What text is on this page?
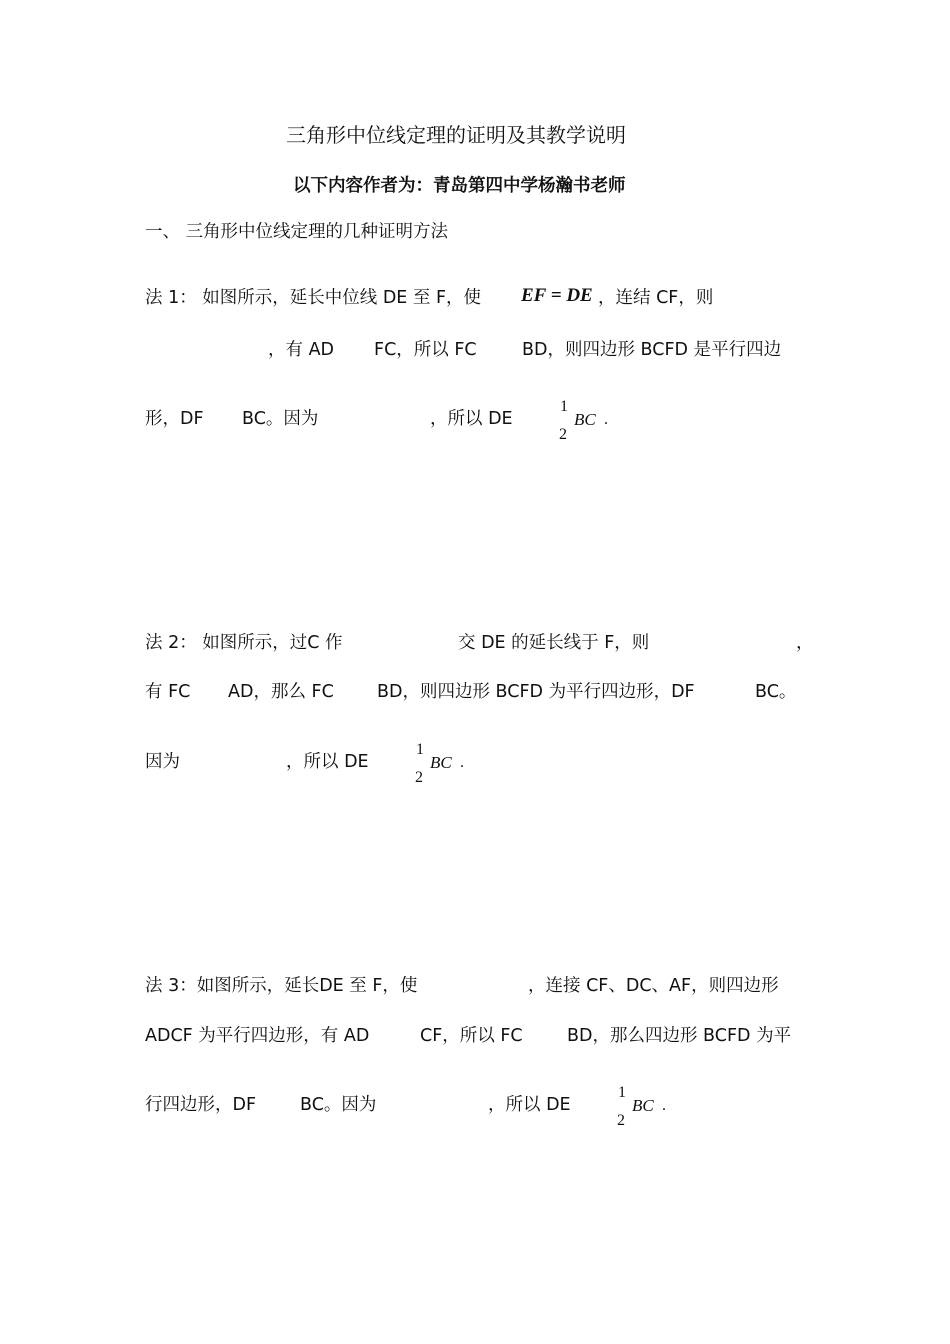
三角形中位线定理的证明及其教学说明
以下内容作者为：青岛第四中学杨瀚书老师
一、 三角形中位线定理的几种证明方法
法 1： 如图所示，延长中位线 DE 至 F，使 EF = DE ，连结 CF，则
，有 AD FC，所以 FC	BD，则四边形 BCFD 是平行四边
形，DF BC。因为	，所以 DE
1
2
BC .
法 2： 如图所示，过C 作	交 DE 的延长线于 F，则	，
有 FC AD，那么 FC BD，则四边形 BCFD 为平行四边形，DF	BC。
因为	，所以 DE
1
2
BC .
法 3：如图所示，延长DE 至 F，使	，连接 CF、DC、AF，则四边形
ADCF 为平行四边形，有 AD	CF，所以 FC	BD，那么四边形 BCFD 为平
行四边形，DF	BC。因为	，所以 DE
1
2
BC .
